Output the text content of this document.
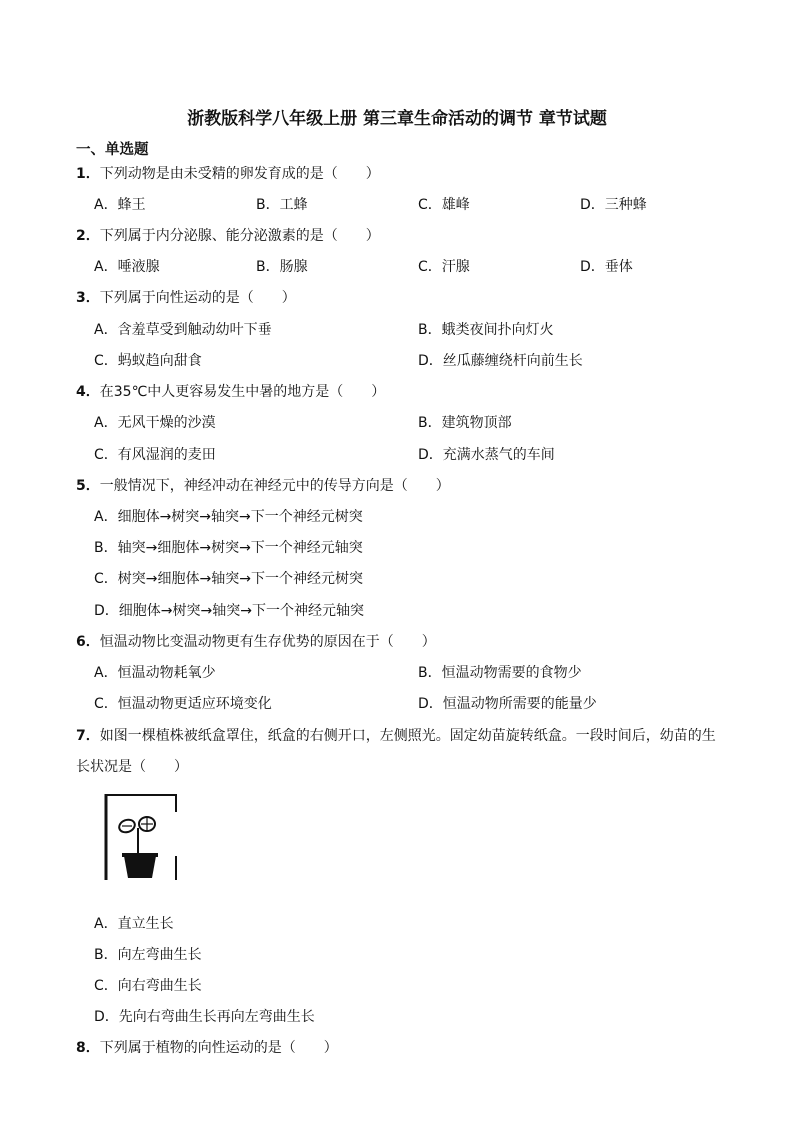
浙教版科学八年级上册 第三章生命活动的调节 章节试题
一、单选题
1．下列动物是由未受精的卵发育成的是（　　）
A．蜂王	B．工蜂	C．雄峰	D．三种蜂
2．下列属于内分泌腺、能分泌激素的是（　　）
A．唾液腺	B．肠腺	C．汗腺	D．垂体
3．下列属于向性运动的是（　　）
A．含羞草受到触动幼叶下垂	B．蛾类夜间扑向灯火
C．蚂蚁趋向甜食	D．丝瓜藤缠绕杆向前生长
4．在35℃中人更容易发生中暑的地方是（　　）
A．无风干燥的沙漠	B．建筑物顶部
C．有风湿润的麦田	D．充满水蒸气的车间
5．一般情况下，神经冲动在神经元中的传导方向是（　　）
A．细胞体→树突→轴突→下一个神经元树突
B．轴突→细胞体→树突→下一个神经元轴突
C．树突→细胞体→轴突→下一个神经元树突
D．细胞体→树突→轴突→下一个神经元轴突
6．恒温动物比变温动物更有生存优势的原因在于（　　）
A．恒温动物耗氧少	B．恒温动物需要的食物少
C．恒温动物更适应环境变化	D．恒温动物所需要的能量少
7．如图一棵植株被纸盒罩住，纸盒的右侧开口，左侧照光。固定幼苗旋转纸盒。一段时间后，幼苗的生
长状况是（　　）
A．直立生长
B．向左弯曲生长
C．向右弯曲生长
D．先向右弯曲生长再向左弯曲生长
8．下列属于植物的向性运动的是（　　）
